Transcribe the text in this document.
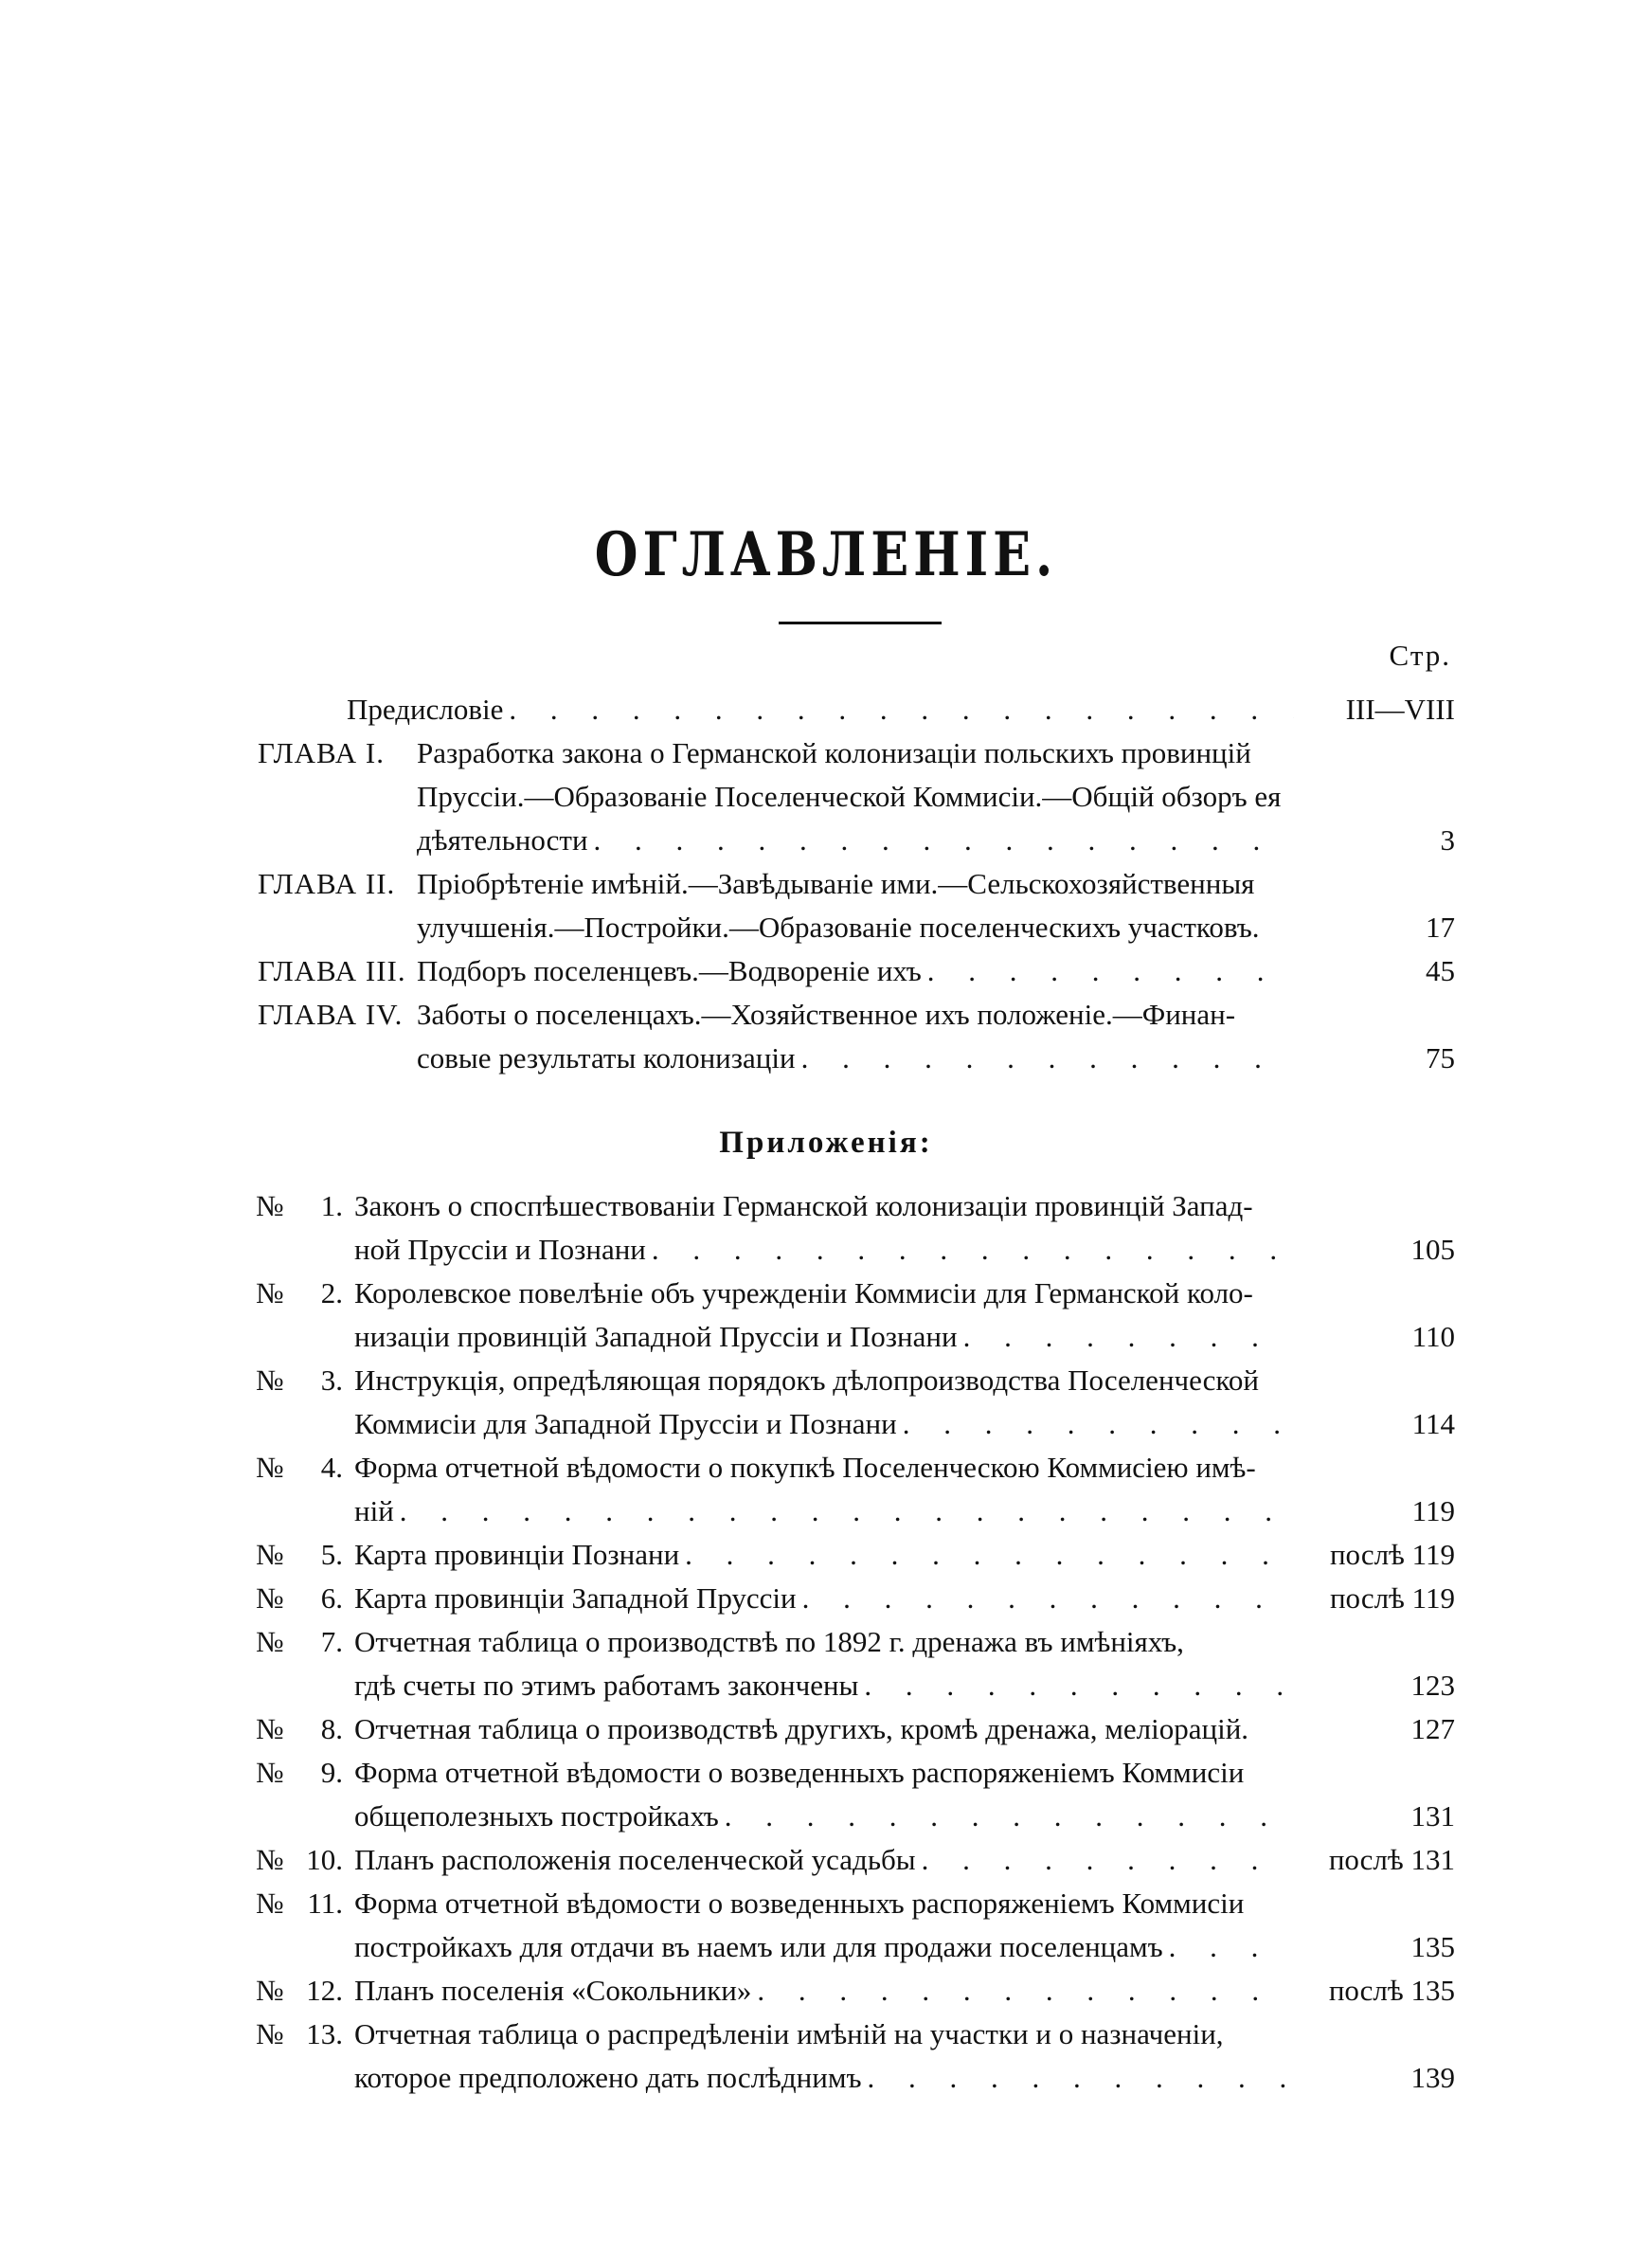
ОГЛАВЛЕНІЕ.
Стр.
Предисловіе . . .	III—VIII
ГЛАВА I. Разработка закона о Германской колонизаціи польскихъ провинцій
Пруссіи.—Образованіе Поселенческой Коммисіи.—Общій обзоръ ея
дѣятельности . . .	3
ГЛАВА II. Пріобрѣтеніе имѣній.—Завѣдываніе ими.—Сельскохозяйственныя
улучшенія.—Постройки.—Образованіе поселенческихъ участковъ.	17
ГЛАВА III. Подборъ поселенцевъ.—Водвореніе ихъ . . .	45
ГЛАВА IV. Заботы о поселенцахъ.—Хозяйственное ихъ положеніе.—Финан-
совые результаты колонизаціи . . .	75
Приложенія:
№ 1. Законъ о споспѣшествованіи Германской колонизаціи провинцій Запад-
ной Пруссіи и Познани . . .	105
№ 2. Королевское повелѣніе объ учрежденіи Коммисіи для Германской коло-
низаціи провинцій Западной Пруссіи и Познани . . .	110
№ 3. Инструкція, опредѣляющая порядокъ дѣлопроизводства Поселенческой
Коммисіи для Западной Пруссіи и Познани . . .	114
№ 4. Форма отчетной вѣдомости о покупкѣ Поселенческою Коммисіею имѣ-
ній . . .	119
№ 5. Карта провинціи Познани . . .	послѣ 119
№ 6. Карта провинціи Западной Пруссіи . . .	послѣ 119
№ 7. Отчетная таблица о производствѣ по 1892 г. дренажа въ имѣніяхъ,
гдѣ счеты по этимъ работамъ закончены . . .	123
№ 8. Отчетная таблица о производствѣ другихъ, кромѣ дренажа, меліорацій.	127
№ 9. Форма отчетной вѣдомости о возведенныхъ распоряженіемъ Коммисіи
общеполезныхъ постройкахъ . . .	131
№ 10. Планъ расположенія поселенческой усадьбы . . .	послѣ 131
№ 11. Форма отчетной вѣдомости о возведенныхъ распоряженіемъ Коммисіи
постройкахъ для отдачи въ наемъ или для продажи поселенцамъ . . .	135
№ 12. Планъ поселенія «Сокольники» . . .	послѣ 135
№ 13. Отчетная таблица о распредѣленіи имѣній на участки и о назначеніи,
которое предположено дать послѣднимъ . . .	139
